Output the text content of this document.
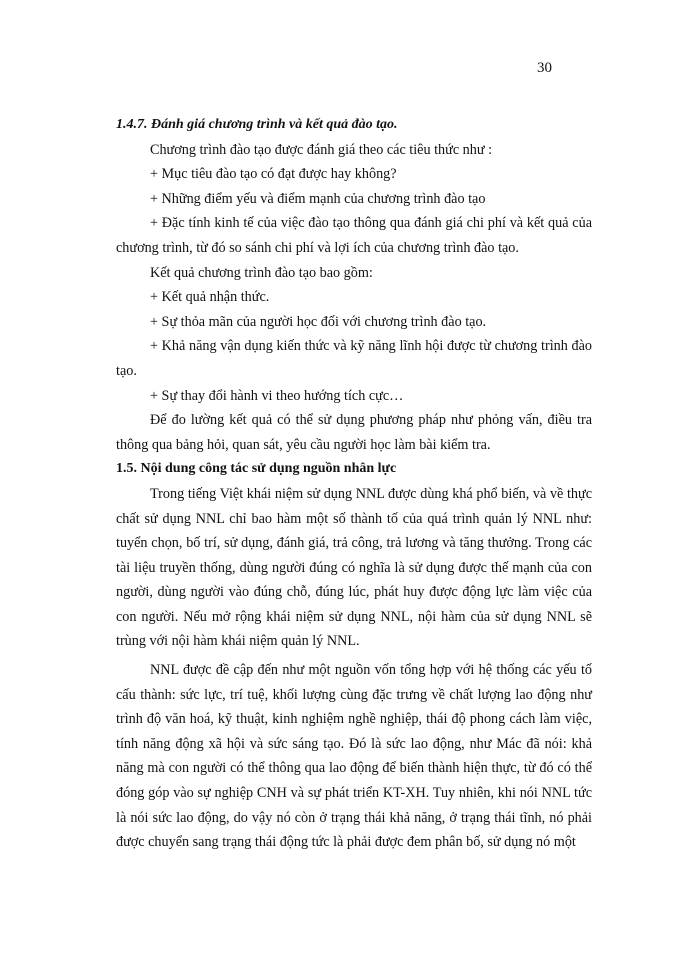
30

1.4.7. Đánh giá chương trình và kết quả đào tạo.

Chương trình đào tạo được đánh giá theo các tiêu thức như :

+ Mục tiêu đào tạo có đạt được hay không?

+ Những điểm yếu và điểm mạnh của chương trình đào tạo

+ Đặc tính kinh tế của việc đào tạo thông qua đánh giá chi phí và kết quả của chương trình, từ đó so sánh chi phí và lợi ích của chương trình đào tạo.

Kết quả chương trình đào tạo bao gồm:

+ Kết quả nhận thức.

+ Sự thỏa mãn của người học đối với chương trình đào tạo.

+ Khả năng vận dụng kiến thức và kỹ năng lĩnh hội được từ chương trình đào tạo.

+ Sự thay đổi hành vi theo hướng tích cực…

Để đo lường kết quả có thể sử dụng phương pháp như phỏng vấn, điều tra thông qua bảng hỏi, quan sát, yêu cầu người học làm bài kiểm tra.

1.5. Nội dung công tác sử dụng nguồn nhân lực

Trong tiếng Việt khái niệm sử dụng NNL được dùng khá phổ biến, và về thực chất sử dụng NNL chỉ bao hàm một số thành tố của quá trình quản lý NNL như: tuyển chọn, bố trí, sử dụng, đánh giá, trả công, trả lương và tăng thưởng. Trong các tài liệu truyền thống, dùng người đúng có nghĩa là sử dụng được thế mạnh của con người, dùng người vào đúng chỗ, đúng lúc, phát huy được động lực làm việc của con người. Nếu mở rộng khái niệm sử dụng NNL, nội hàm của sử dụng NNL sẽ trùng với nội hàm khái niệm quản lý NNL.

NNL được đề cập đến như một nguồn vốn tổng hợp với hệ thống các yếu tố cấu thành: sức lực, trí tuệ, khối lượng cùng đặc trưng về chất lượng lao động như trình độ văn hoá, kỹ thuật, kinh nghiệm nghề nghiệp, thái độ phong cách làm việc, tính năng động xã hội và sức sáng tạo. Đó là sức lao động, như Mác đã nói: khả năng mà con người có thể thông qua lao động để biến thành hiện thực, từ đó có thể đóng góp vào sự nghiệp CNH và sự phát triển KT-XH. Tuy nhiên, khi nói NNL tức là nói sức lao động, do vậy nó còn ở trạng thái khả năng, ở trạng thái tĩnh, nó phải được chuyển sang trạng thái động tức là phải được đem phân bố, sử dụng nó một
